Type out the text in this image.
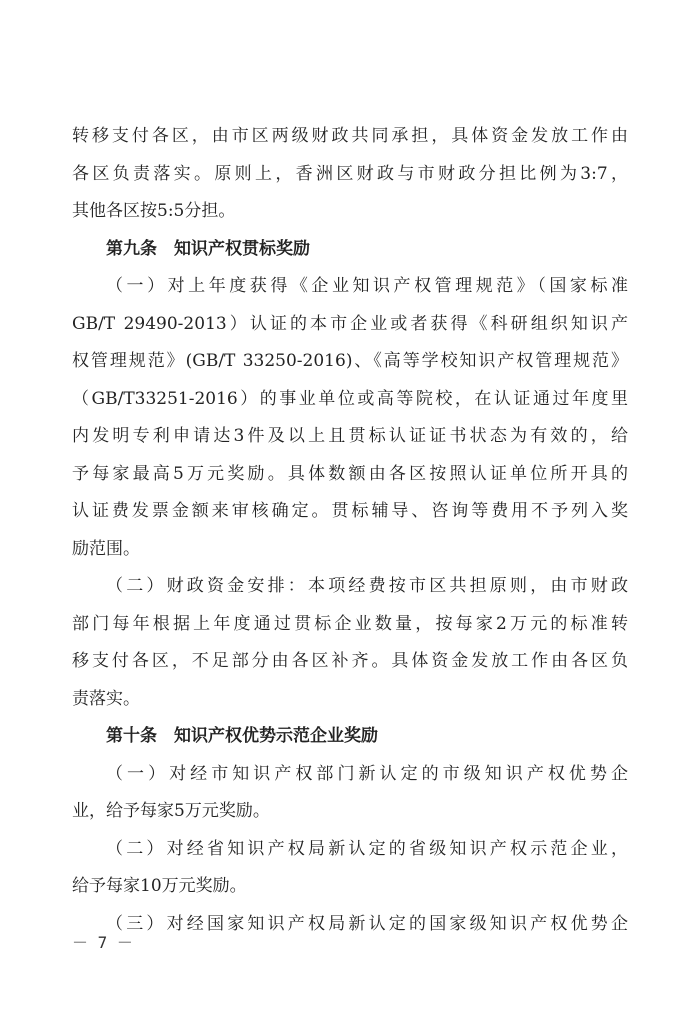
转移支付各区，由市区两级财政共同承担，具体资金发放工作由
各区负责落实。原则上，香洲区财政与市财政分担比例为3:7，
其他各区按5:5分担。
第九条　知识产权贯标奖励
（一）对上年度获得《企业知识产权管理规范》（国家标准
GB/T 29490-2013）认证的本市企业或者获得《科研组织知识产
权管理规范》(GB/T 33250-2016)、《高等学校知识产权管理规范》
（GB/T33251-2016）的事业单位或高等院校，在认证通过年度里
内发明专利申请达3件及以上且贯标认证证书状态为有效的，给
予每家最高5万元奖励。具体数额由各区按照认证单位所开具的
认证费发票金额来审核确定。贯标辅导、咨询等费用不予列入奖
励范围。
（二）财政资金安排：本项经费按市区共担原则，由市财政
部门每年根据上年度通过贯标企业数量，按每家2万元的标准转
移支付各区，不足部分由各区补齐。具体资金发放工作由各区负
责落实。
第十条　知识产权优势示范企业奖励
（一）对经市知识产权部门新认定的市级知识产权优势企
业，给予每家5万元奖励。
（二）对经省知识产权局新认定的省级知识产权示范企业，
给予每家10万元奖励。
（三）对经国家知识产权局新认定的国家级知识产权优势企
－ 7 －
